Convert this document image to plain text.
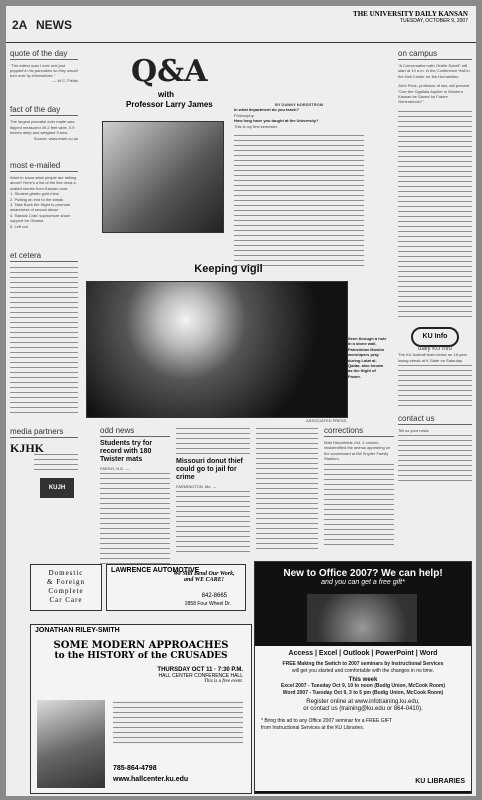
2A NEWS
THE UNIVERSITY DAILY KANSAN
TUESDAY, OCTOBER 9, 2007
quote of the day
"The tallest man I ever met just popped in his pancakes so they would turn over by themselves."
— W.C. Fields
fact of the day
The largest pancake ever made was flipped measured 49.2 feet wide, 0.9 inches deep and weighed 3 tons.
Source: www.rbark.co.uk
most e-mailed
Want to know what people are talking about? Here's a list of the five most e-mailed stories from Kansan.com:
1. Student ghetto gold mine
2. Putting an end to the streak
3. Take Back the Night to promote awareness of sexual abuse
4. 'Barack Crab' sophomore show support for Obama
5. Left out
et cetera
media partners
KJHK
KUJH
Q&A
with
Professor Larry James	BY DANNY NORDSTROM
In what department do you teach?
Philosophy.
How long have you taught at the University?
This is my first semester.
Keeping vigil
Seen through a hole in a stone wall, Palestinian Muslim worshipers pray during Lalat al-Qadar, also known as the Night of Power.
ASSOCIATED PRESS
odd news
Students try for record with 180 Twister mats
FARGO, N.D. —
Missouri donut thief could go to jail for crime
FARMINGTON, Mo. —
corrections
Matt Hirschfelds Oct. 2 column misidentified the animal appearing on the scoreboard at Bill Snyder Family Stadium.
on campus
"A Conversation with Orville Schell" will start at 10 a.m. in the Conference Hall in the Hall Center for the Humanities.
John Peck, professor of law, will present "Can the Ogallala Aquifer in Western Kansas be Saved for Future Generations?"
KU Info
daily KU info
The KU football team broke an 18-year losing streak at K-State on Saturday.
contact us
Tell us your news
Domestic
& Foreign
Complete
Car Care
LAWRENCE AUTOMOTIVE
We Still Bend Our Work, and WE CARE!
842-8665
2858 Four Wheel Dr.
JONATHAN RILEY-SMITH
SOME MODERN APPROACHES
to the HISTORY of the CRUSADES
THURSDAY OCT 11 · 7:30 P.M.
HALL CENTER CONFERENCE HALL
This is a free event.
785-864-4798
www.hallcenter.ku.edu
New to Office 2007? We can help!
and you can get a free gift*
Access | Excel | Outlook | PowerPoint | Word
FREE Making the Switch to 2007 seminars by Instructional Services
will get you started and comfortable with the changes in no time.
This week
Excel 2007 - Tuesday Oct 9, 10 to noon (Budig Union, McCook Room)
Word 2007 - Tuesday Oct 9, 3 to 5 pm (Budig Union, McCook Room)
Register online at www.infotraining.ku.edu,
or contact us (training@ku.edu or 864-0410).
* Bring this ad to any Office 2007 seminar for a FREE GIFT from Instructional Services at the KU Libraries.
KU LIBRARIES
